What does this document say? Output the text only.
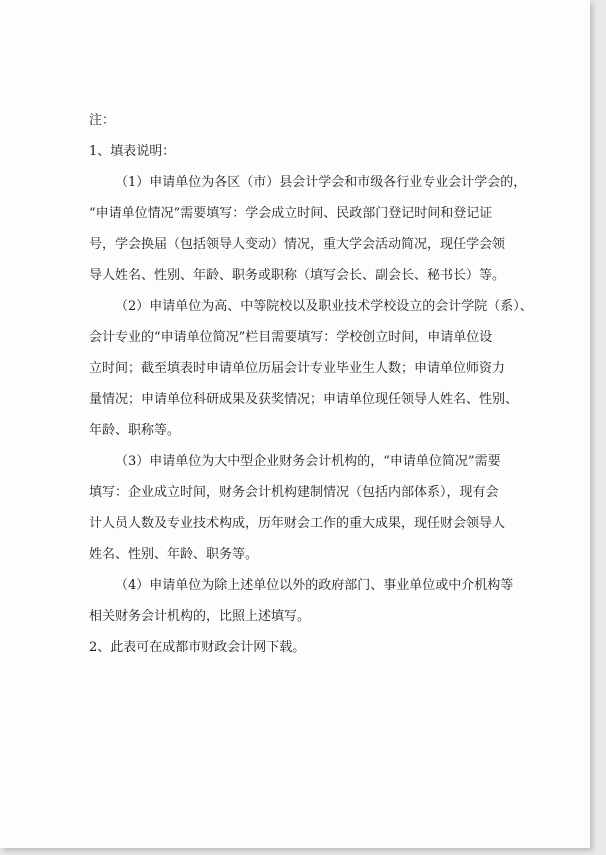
注：
1、填表说明：
（1）申请单位为各区（市）县会计学会和市级各行业专业会计学会的，
“申请单位情况”需要填写：学会成立时间、民政部门登记时间和登记证
号，学会换届（包括领导人变动）情况，重大学会活动简况，现任学会领
导人姓名、性别、年龄、职务或职称（填写会长、副会长、秘书长）等。
（2）申请单位为高、中等院校以及职业技术学校设立的会计学院（系）、
会计专业的“申请单位简况”栏目需要填写：学校创立时间，申请单位设
立时间；截至填表时申请单位历届会计专业毕业生人数；申请单位师资力
量情况；申请单位科研成果及获奖情况；申请单位现任领导人姓名、性别、
年龄、职称等。
（3）申请单位为大中型企业财务会计机构的，“申请单位简况”需要
填写：企业成立时间，财务会计机构建制情况（包括内部体系），现有会
计人员人数及专业技术构成，历年财会工作的重大成果，现任财会领导人
姓名、性别、年龄、职务等。
（4）申请单位为除上述单位以外的政府部门、事业单位或中介机构等
相关财务会计机构的，比照上述填写。
2、此表可在成都市财政会计网下载。
